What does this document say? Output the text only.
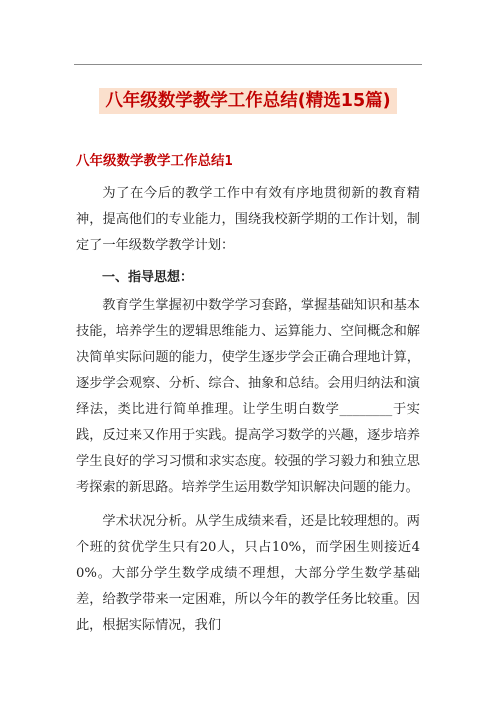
八年级数学教学工作总结(精选15篇)
八年级数学教学工作总结1

为了在今后的教学工作中有效有序地贯彻新的教育精神，提高他们的专业能力，围绕我校新学期的工作计划，制定了一年级数学教学计划：

一、指导思想：

教育学生掌握初中数学学习套路，掌握基础知识和基本技能，培养学生的逻辑思维能力、运算能力、空间概念和解决简单实际问题的能力，使学生逐步学会正确合理地计算，逐步学会观察、分析、综合、抽象和总结。会用归纳法和演绎法，类比进行简单推理。让学生明白数学________于实践，反过来又作用于实践。提高学习数学的兴趣，逐步培养学生良好的学习习惯和求实态度。较强的学习毅力和独立思考探索的新思路。培养学生运用数学知识解决问题的能力。

学术状况分析。从学生成绩来看，还是比较理想的。两个班的贫优学生只有20人，只占10%，而学困生则接近40%。大部分学生数学成绩不理想，大部分学生数学基础差，给教学带来一定困难，所以今年的教学任务比较重。因此，根据实际情况，我们
